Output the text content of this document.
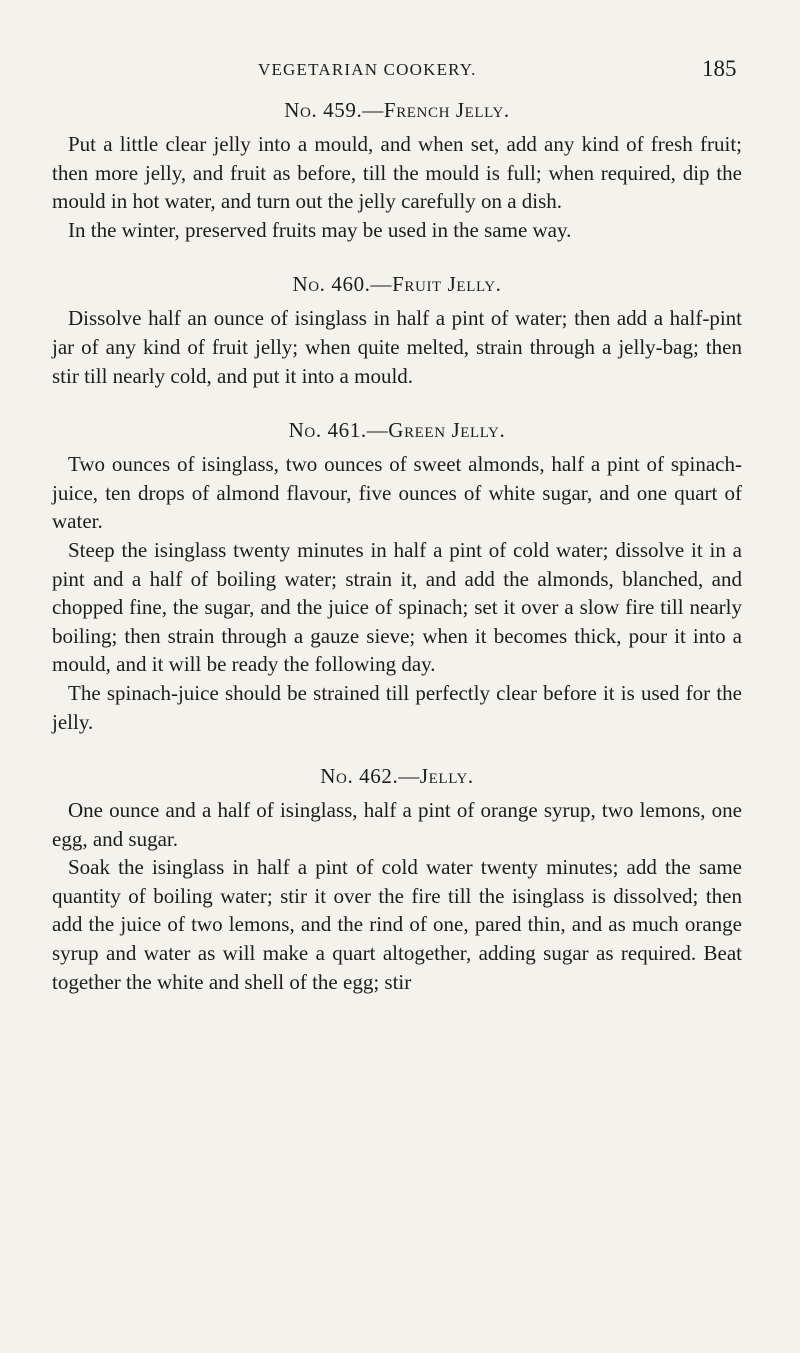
VEGETARIAN COOKERY.	185
No. 459.—French Jelly.

Put a little clear jelly into a mould, and when set, add any kind of fresh fruit; then more jelly, and fruit as before, till the mould is full; when required, dip the mould in hot water, and turn out the jelly carefully on a dish.

In the winter, preserved fruits may be used in the same way.

No. 460.—Fruit Jelly.

Dissolve half an ounce of isinglass in half a pint of water; then add a half-pint jar of any kind of fruit jelly; when quite melted, strain through a jelly-bag; then stir till nearly cold, and put it into a mould.

No. 461.—Green Jelly.

Two ounces of isinglass, two ounces of sweet almonds, half a pint of spinach-juice, ten drops of almond flavour, five ounces of white sugar, and one quart of water.

Steep the isinglass twenty minutes in half a pint of cold water; dissolve it in a pint and a half of boiling water; strain it, and add the almonds, blanched, and chopped fine, the sugar, and the juice of spinach; set it over a slow fire till nearly boiling; then strain through a gauze sieve; when it becomes thick, pour it into a mould, and it will be ready the following day.

The spinach-juice should be strained till perfectly clear before it is used for the jelly.

No. 462.—Jelly.

One ounce and a half of isinglass, half a pint of orange syrup, two lemons, one egg, and sugar.

Soak the isinglass in half a pint of cold water twenty minutes; add the same quantity of boiling water; stir it over the fire till the isinglass is dissolved; then add the juice of two lemons, and the rind of one, pared thin, and as much orange syrup and water as will make a quart altogether, adding sugar as required. Beat together the white and shell of the egg; stir
